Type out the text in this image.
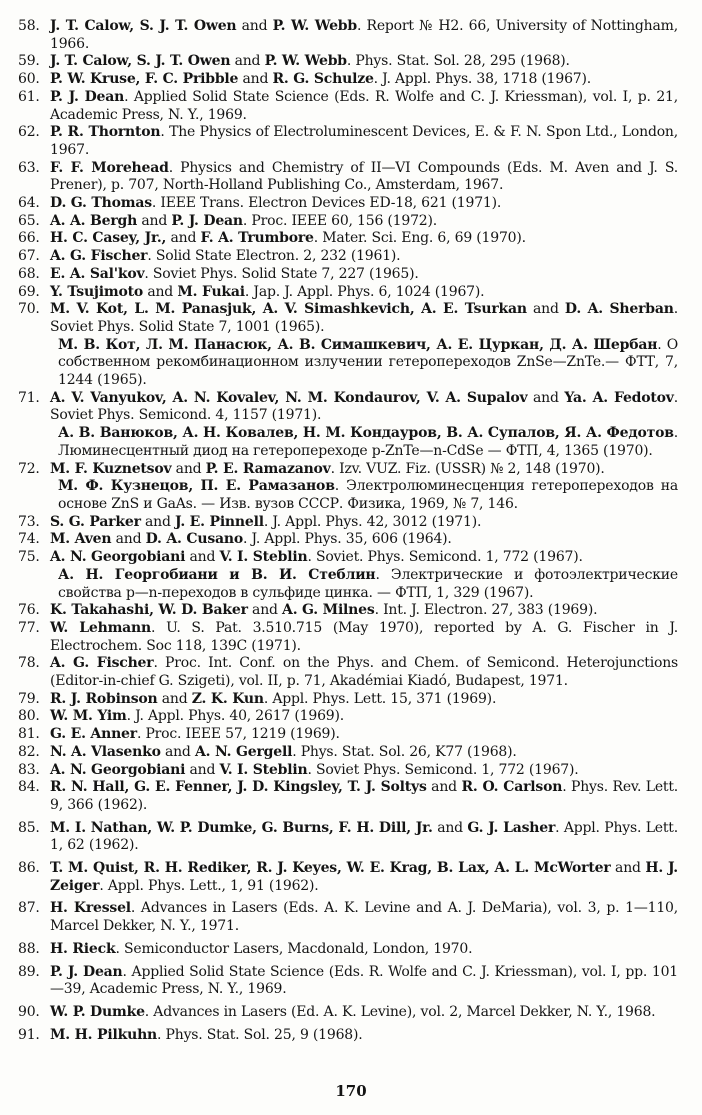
58. J. T. Calow, S. J. T. Owen and P. W. Webb. Report № H2. 66, University of Nottingham, 1966.

59. J. T. Calow, S. J. T. Owen and P. W. Webb. Phys. Stat. Sol. 28, 295 (1968).

60. P. W. Kruse, F. C. Pribble and R. G. Schulze. J. Appl. Phys. 38, 1718 (1967).

61. P. J. Dean. Applied Solid State Science (Eds. R. Wolfe and C. J. Kriessman), vol. I, p. 21, Academic Press, N. Y., 1969.

62. P. R. Thornton. The Physics of Electroluminescent Devices, E. & F. N. Spon Ltd., London, 1967.

63. F. F. Morehead. Physics and Chemistry of II—VI Compounds (Eds. M. Aven and J. S. Prener), p. 707, North-Holland Publishing Co., Amsterdam, 1967.

64. D. G. Thomas. IEEE Trans. Electron Devices ED-18, 621 (1971).

65. A. A. Bergh and P. J. Dean. Proc. IEEE 60, 156 (1972).

66. H. C. Casey, Jr., and F. A. Trumbore. Mater. Sci. Eng. 6, 69 (1970).

67. A. G. Fischer. Solid State Electron. 2, 232 (1961).

68. E. A. Sal'kov. Soviet Phys. Solid State 7, 227 (1965).

69. Y. Tsujimoto and M. Fukai. Jap. J. Appl. Phys. 6, 1024 (1967).

70. M. V. Kot, L. M. Panasjuk, A. V. Simashkevich, A. E. Tsurkan and D. A. Sherban. Soviet Phys. Solid State 7, 1001 (1965).

М. В. Кот, Л. М. Панасюк, А. В. Симашкевич, А. Е. Цуркан, Д. А. Шербан. О собственном рекомбинационном излучении гетеропереходов ZnSe—ZnTe.— ФТТ, 7, 1244 (1965).

71. A. V. Vanyukov, A. N. Kovalev, N. M. Kondaurov, V. A. Supalov and Ya. A. Fedotov. Soviet Phys. Semicond. 4, 1157 (1971).

А. В. Ванюков, А. Н. Ковалев, Н. М. Кондауров, В. А. Супалов, Я. А. Федотов. Люминесцентный диод на гетеропереходе p-ZnTe—n-CdSe — ФТП, 4, 1365 (1970).

72. M. F. Kuznetsov and P. E. Ramazanov. Izv. VUZ. Fiz. (USSR) № 2, 148 (1970).

М. Ф. Кузнецов, П. Е. Рамазанов. Электролюминесценция гетеропереходов на основе ZnS и GaAs. — Изв. вузов СССР. Физика, 1969, № 7, 146.

73. S. G. Parker and J. E. Pinnell. J. Appl. Phys. 42, 3012 (1971).

74. M. Aven and D. A. Cusano. J. Appl. Phys. 35, 606 (1964).

75. A. N. Georgobiani and V. I. Steblin. Soviet. Phys. Semicond. 1, 772 (1967).

А. Н. Георгобиани и В. И. Стеблин. Электрические и фотоэлектрические свойства p—n-переходов в сульфиде цинка. — ФТП, 1, 329 (1967).

76. K. Takahashi, W. D. Baker and A. G. Milnes. Int. J. Electron. 27, 383 (1969).

77. W. Lehmann. U. S. Pat. 3.510.715 (May 1970), reported by A. G. Fischer in J. Electrochem. Soc 118, 139C (1971).

78. A. G. Fischer. Proc. Int. Conf. on the Phys. and Chem. of Semicond. Heterojunctions (Editor-in-chief G. Szigeti), vol. II, p. 71, Akadémiai Kiadó, Budapest, 1971.

79. R. J. Robinson and Z. K. Kun. Appl. Phys. Lett. 15, 371 (1969).

80. W. M. Yim. J. Appl. Phys. 40, 2617 (1969).

81. G. E. Anner. Proc. IEEE 57, 1219 (1969).

82. N. A. Vlasenko and A. N. Gergell. Phys. Stat. Sol. 26, K77 (1968).

83. A. N. Georgobiani and V. I. Steblin. Soviet Phys. Semicond. 1, 772 (1967).

84. R. N. Hall, G. E. Fenner, J. D. Kingsley, T. J. Soltys and R. O. Carlson. Phys. Rev. Lett. 9, 366 (1962).

85. M. I. Nathan, W. P. Dumke, G. Burns, F. H. Dill, Jr. and G. J. Lasher. Appl. Phys. Lett. 1, 62 (1962).

86. T. M. Quist, R. H. Rediker, R. J. Keyes, W. E. Krag, B. Lax, A. L. McWorter and H. J. Zeiger. Appl. Phys. Lett., 1, 91 (1962).

87. H. Kressel. Advances in Lasers (Eds. A. K. Levine and A. J. DeMaria), vol. 3, p. 1—110, Marcel Dekker, N. Y., 1971.

88. H. Rieck. Semiconductor Lasers, Macdonald, London, 1970.

89. P. J. Dean. Applied Solid State Science (Eds. R. Wolfe and C. J. Kriessman), vol. I, pp. 101—39, Academic Press, N. Y., 1969.

90. W. P. Dumke. Advances in Lasers (Ed. A. K. Levine), vol. 2, Marcel Dekker, N. Y., 1968.

91. M. H. Pilkuhn. Phys. Stat. Sol. 25, 9 (1968).

170
